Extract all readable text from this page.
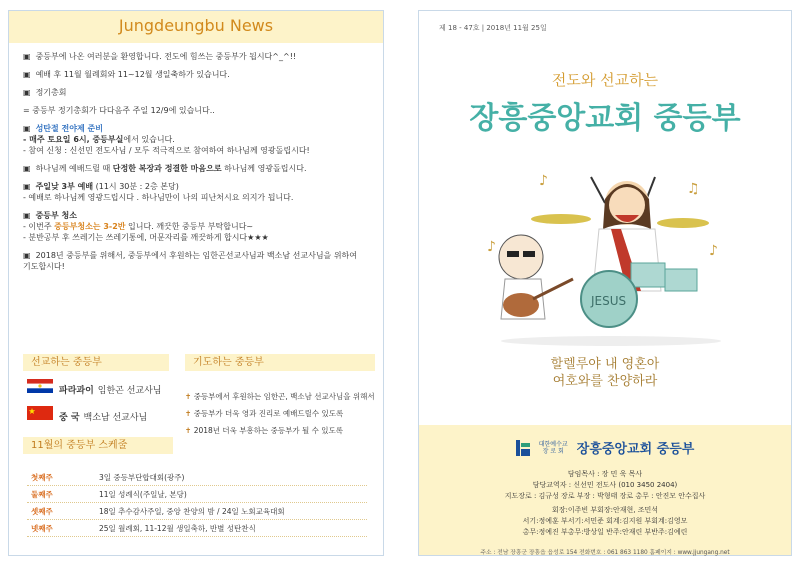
Jungdeungbu News
▣ 중등부에 나온 여러분을 환영합니다. 전도에 힘쓰는 중등부가 됩시다^_^!!
▣ 예배 후 11월 월례회와 11~12월 생일축하가 있습니다.
▣ 정기총회
= 중등부 정기총회가 다다음주 주일 12/9에 있습니다..
▣ 성탄절 전야제 준비
- 매주 토요일 6시, 중등부실에서 있습니다.
- 참여 신청 : 신선민 전도사님 / 모두 적극적으로 참여하여 하나님께 영광돌립시다!
▣ 하나님께 예배드릴 때 단정한 복장과 정결한 마음으로 하나님께 영광돌립시다.
▣ 주일낮 3부 예배 (11시 30분 : 2층 본당)
- 예배로 하나님께 영광드립시다 . 하나님만이 나의 피난처시요 의지가 됩니다.
▣ 중등부 청소
- 이번주 중등부청소는 3-2반 입니다. 깨끗한 중등부 부탁합니다~
- 분반공부 후 쓰레기는 쓰레기통에, 머문자리를 깨끗하게 합시다★★★
▣ 2018년 중등부를 위해서, 중등부에서 후원하는 임한곤선교사님과 백소남 선교사님을 위하여
기도합시다!
선교하는 중등부
파라과이 임한곤 선교사님
중 국 백소남 선교사님
기도하는 중등부
✝ 중등부에서 후원하는 임한곤, 백소남 선교사님을 위해서
✝ 중등부가 더욱 영과 진리로 예배드릴수 있도록
✝ 2018년 더욱 부흥하는 중등부가 될 수 있도록
11월의 중등부 스케줄
첫째주	3일 중등부단합대회(광주)
둘째주	11일 성례식(주일날, 본당)
셋째주	18일 추수감사주일, 중앙 찬양의 밤 / 24일 노회교육대회
넷째주	25일 월례회, 11-12월 생일축하, 반별 성탄찬식
제 18 - 47호 | 2018년 11월 25일
전도와 선교하는
장흥중앙교회 중등부
♪	♫
♪	♪
JESUS
할렐루야 내 영혼아
여호와를 찬양하라
대한예수교
장 로 회 장흥중앙교회 중등부
담임목사 : 장 민 욱 목사
담당교역자 : 신선민 전도사 (010 3450 2404)
지도장로 : 김규성 장로 부장 : 박형태 장로 총무 : 안진모 안수집사
회장:이주빈 부회장:안재현, 조민석
서기:정예훈 부서기:서민준 회계:김지원 부회계:김영모
총무:정예진 부총무:방상일 반주:안재린 부반주:김예린
주소 : 전남 장흥군 장흥읍 읍성로 154 전화번호 : 061 863 1180 홈페이지 : www.jjungang.net
